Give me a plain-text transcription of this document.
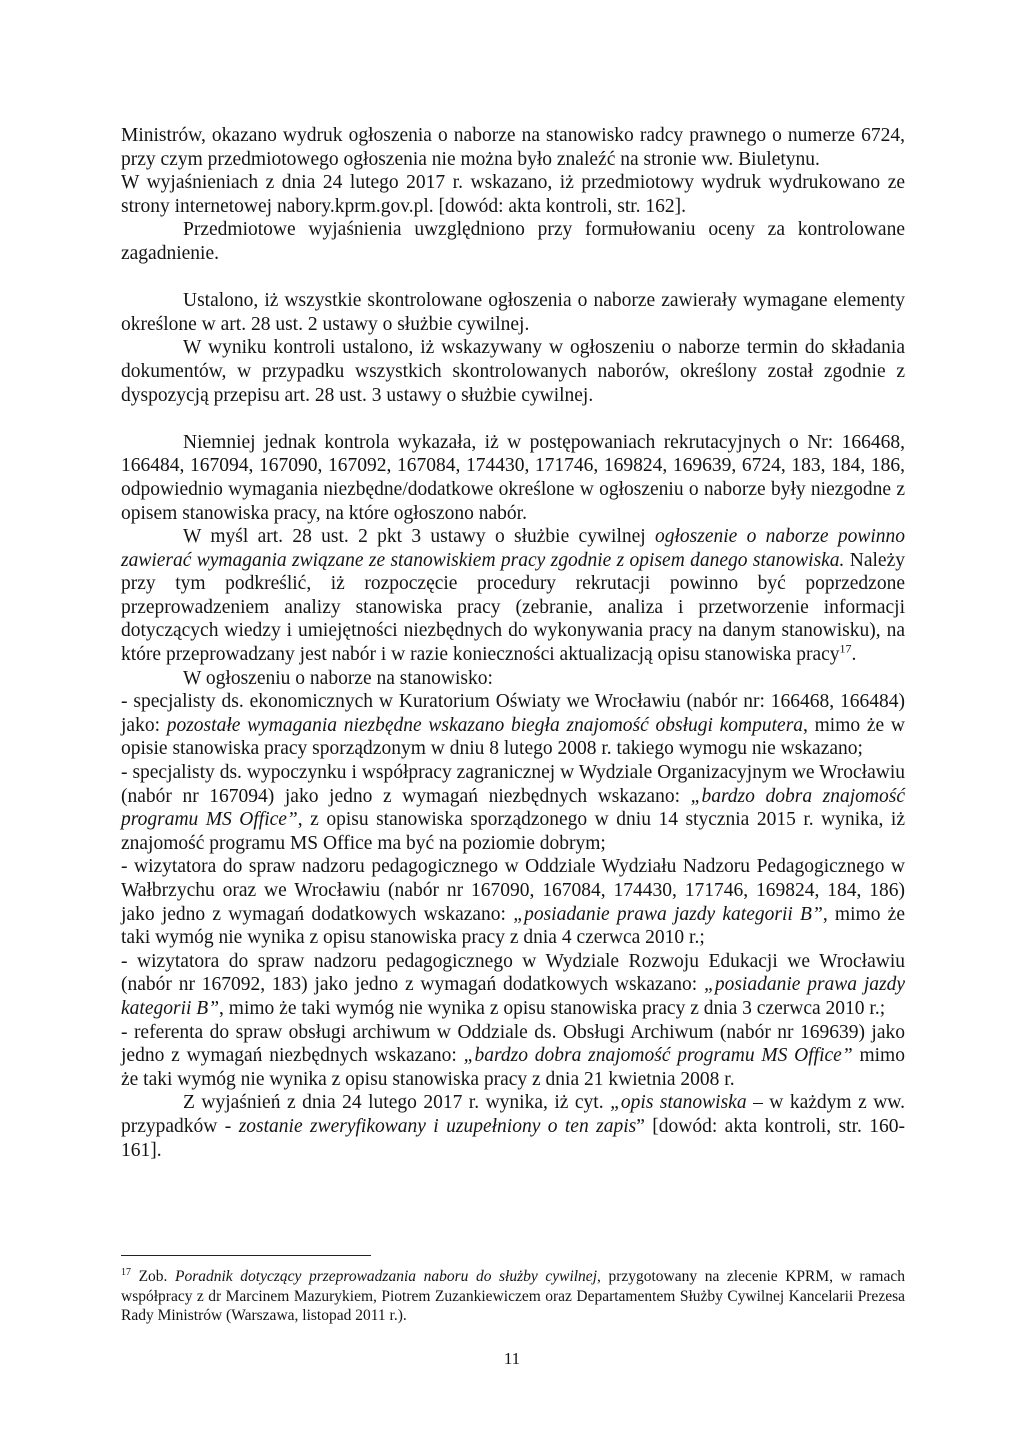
Ministrów, okazano wydruk ogłoszenia o naborze na stanowisko radcy prawnego o numerze 6724, przy czym przedmiotowego ogłoszenia nie można było znaleźć na stronie ww. Biuletynu.

W wyjaśnieniach z dnia 24 lutego 2017 r. wskazano, iż przedmiotowy wydruk wydrukowano ze strony internetowej nabory.kprm.gov.pl. [dowód: akta kontroli, str. 162].

Przedmiotowe wyjaśnienia uwzględniono przy formułowaniu oceny za kontrolowane zagadnienie.

Ustalono, iż wszystkie skontrolowane ogłoszenia o naborze zawierały wymagane elementy określone w art. 28 ust. 2 ustawy o służbie cywilnej.

W wyniku kontroli ustalono, iż wskazywany w ogłoszeniu o naborze termin do składania dokumentów, w przypadku wszystkich skontrolowanych naborów, określony został zgodnie z dyspozycją przepisu art. 28 ust. 3 ustawy o służbie cywilnej.

Niemniej jednak kontrola wykazała, iż w postępowaniach rekrutacyjnych o Nr: 166468, 166484, 167094, 167090, 167092, 167084, 174430, 171746, 169824, 169639, 6724, 183, 184, 186, odpowiednio wymagania niezbędne/dodatkowe określone w ogłoszeniu o naborze były niezgodne z opisem stanowiska pracy, na które ogłoszono nabór.

W myśl art. 28 ust. 2 pkt 3 ustawy o służbie cywilnej ogłoszenie o naborze powinno zawierać wymagania związane ze stanowiskiem pracy zgodnie z opisem danego stanowiska. Należy przy tym podkreślić, iż rozpoczęcie procedury rekrutacji powinno być poprzedzone przeprowadzeniem analizy stanowiska pracy (zebranie, analiza i przetworzenie informacji dotyczących wiedzy i umiejętności niezbędnych do wykonywania pracy na danym stanowisku), na które przeprowadzany jest nabór i w razie konieczności aktualizacją opisu stanowiska pracy$^{17}$.

W ogłoszeniu o naborze na stanowisko:

- specjalisty ds. ekonomicznych w Kuratorium Oświaty we Wrocławiu (nabór nr: 166468, 166484) jako: pozostałe wymagania niezbędne wskazano biegła znajomość obsługi komputera, mimo że w opisie stanowiska pracy sporządzonym w dniu 8 lutego 2008 r. takiego wymogu nie wskazano;

- specjalisty ds. wypoczynku i współpracy zagranicznej w Wydziale Organizacyjnym we Wrocławiu (nabór nr 167094) jako jedno z wymagań niezbędnych wskazano: „bardzo dobra znajomość programu MS Office”, z opisu stanowiska sporządzonego w dniu 14 stycznia 2015 r. wynika, iż znajomość programu MS Office ma być na poziomie dobrym;

- wizytatora do spraw nadzoru pedagogicznego w Oddziale Wydziału Nadzoru Pedagogicznego w Wałbrzychu oraz we Wrocławiu (nabór nr 167090, 167084, 174430, 171746, 169824, 184, 186) jako jedno z wymagań dodatkowych wskazano: „posiadanie prawa jazdy kategorii B”, mimo że taki wymóg nie wynika z opisu stanowiska pracy z dnia 4 czerwca 2010 r.;

- wizytatora do spraw nadzoru pedagogicznego w Wydziale Rozwoju Edukacji we Wrocławiu (nabór nr 167092, 183) jako jedno z wymagań dodatkowych wskazano: „posiadanie prawa jazdy kategorii B”, mimo że taki wymóg nie wynika z opisu stanowiska pracy z dnia 3 czerwca 2010 r.;

- referenta do spraw obsługi archiwum w Oddziale ds. Obsługi Archiwum (nabór nr 169639) jako jedno z wymagań niezbędnych wskazano: „bardzo dobra znajomość programu MS Office” mimo że taki wymóg nie wynika z opisu stanowiska pracy z dnia 21 kwietnia 2008 r.

Z wyjaśnień z dnia 24 lutego 2017 r. wynika, iż cyt. „opis stanowiska – w każdym z ww. przypadków - zostanie zweryfikowany i uzupełniony o ten zapis” [dowód: akta kontroli, str. 160-161].

$^{17}$ Zob. Poradnik dotyczący przeprowadzania naboru do służby cywilnej, przygotowany na zlecenie KPRM, w ramach współpracy z dr Marcinem Mazurykiem, Piotrem Zuzankiewiczem oraz Departamentem Służby Cywilnej Kancelarii Prezesa Rady Ministrów (Warszawa, listopad 2011 r.).
11
